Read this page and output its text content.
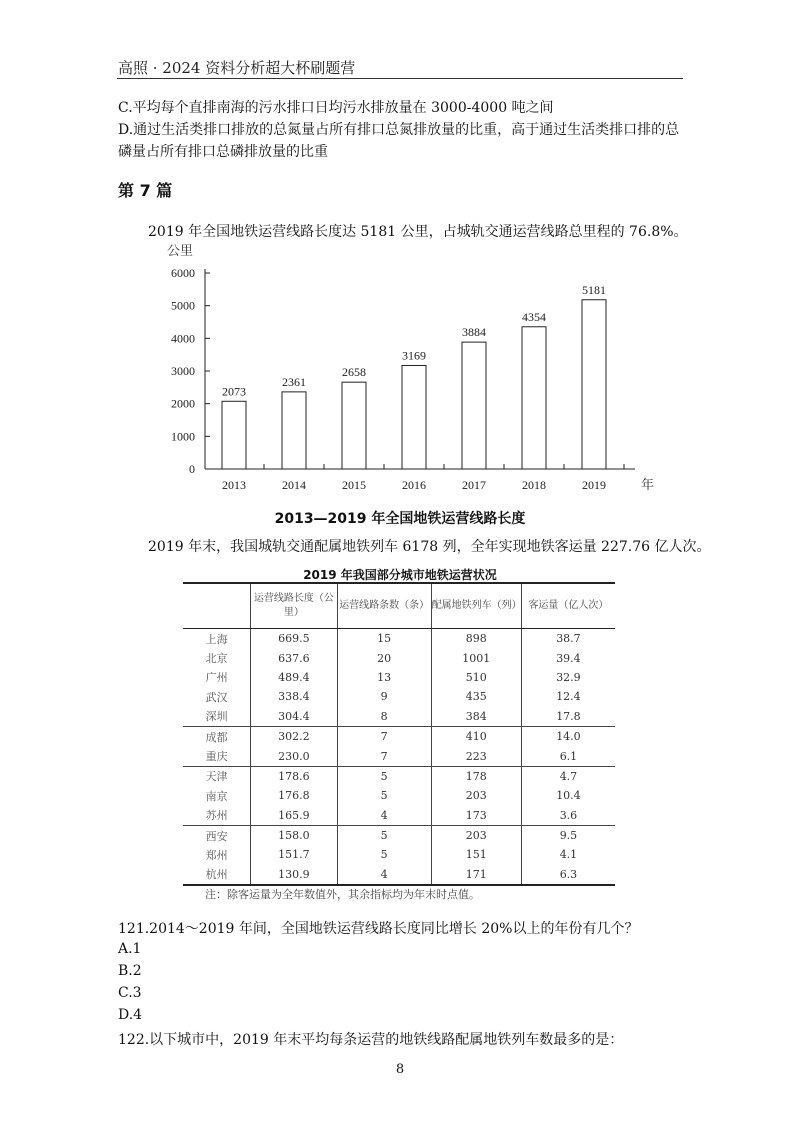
高照 · 2024 资料分析超大杯刷题营
C.平均每个直排南海的污水排口日均污水排放量在 3000-4000 吨之间
D.通过生活类排口排放的总氮量占所有排口总氮排放量的比重，高于通过生活类排口排的总
磷量占所有排口总磷排放量的比重
第 7 篇
2019 年全国地铁运营线路长度达 5181 公里，占城轨交通运营线路总里程的 76.8%。
0
1000
2000
3000
4000
5000
6000
公里
2073
2013
2361
2014
2658
2015
3169
2016
3884
2017
4354
2018
5181
2019	年
2013—2019 年全国地铁运营线路长度
2019 年末，我国城轨交通配属地铁列车 6178 列，全年实现地铁客运量 227.76 亿人次。
2019 年我国部分城市地铁运营状况
	运营线路长度（公里）	运营线路条数（条）	配属地铁列车（列）	客运量（亿人次）
上海	669.5	15	898	38.7
北京	637.6	20	1001	39.4
广州	489.4	13	510	32.9
武汉	338.4	9	435	12.4
深圳	304.4	8	384	17.8
成都	302.2	7	410	14.0
重庆	230.0	7	223	6.1
天津	178.6	5	178	4.7
南京	176.8	5	203	10.4
苏州	165.9	4	173	3.6
西安	158.0	5	203	9.5
郑州	151.7	5	151	4.1
杭州	130.9	4	171	6.3
注：除客运量为全年数值外，其余指标均为年末时点值。
121.2014～2019 年间，全国地铁运营线路长度同比增长 20%以上的年份有几个？
A.1
B.2
C.3
D.4
122.以下城市中，2019 年末平均每条运营的地铁线路配属地铁列车数最多的是：
8
